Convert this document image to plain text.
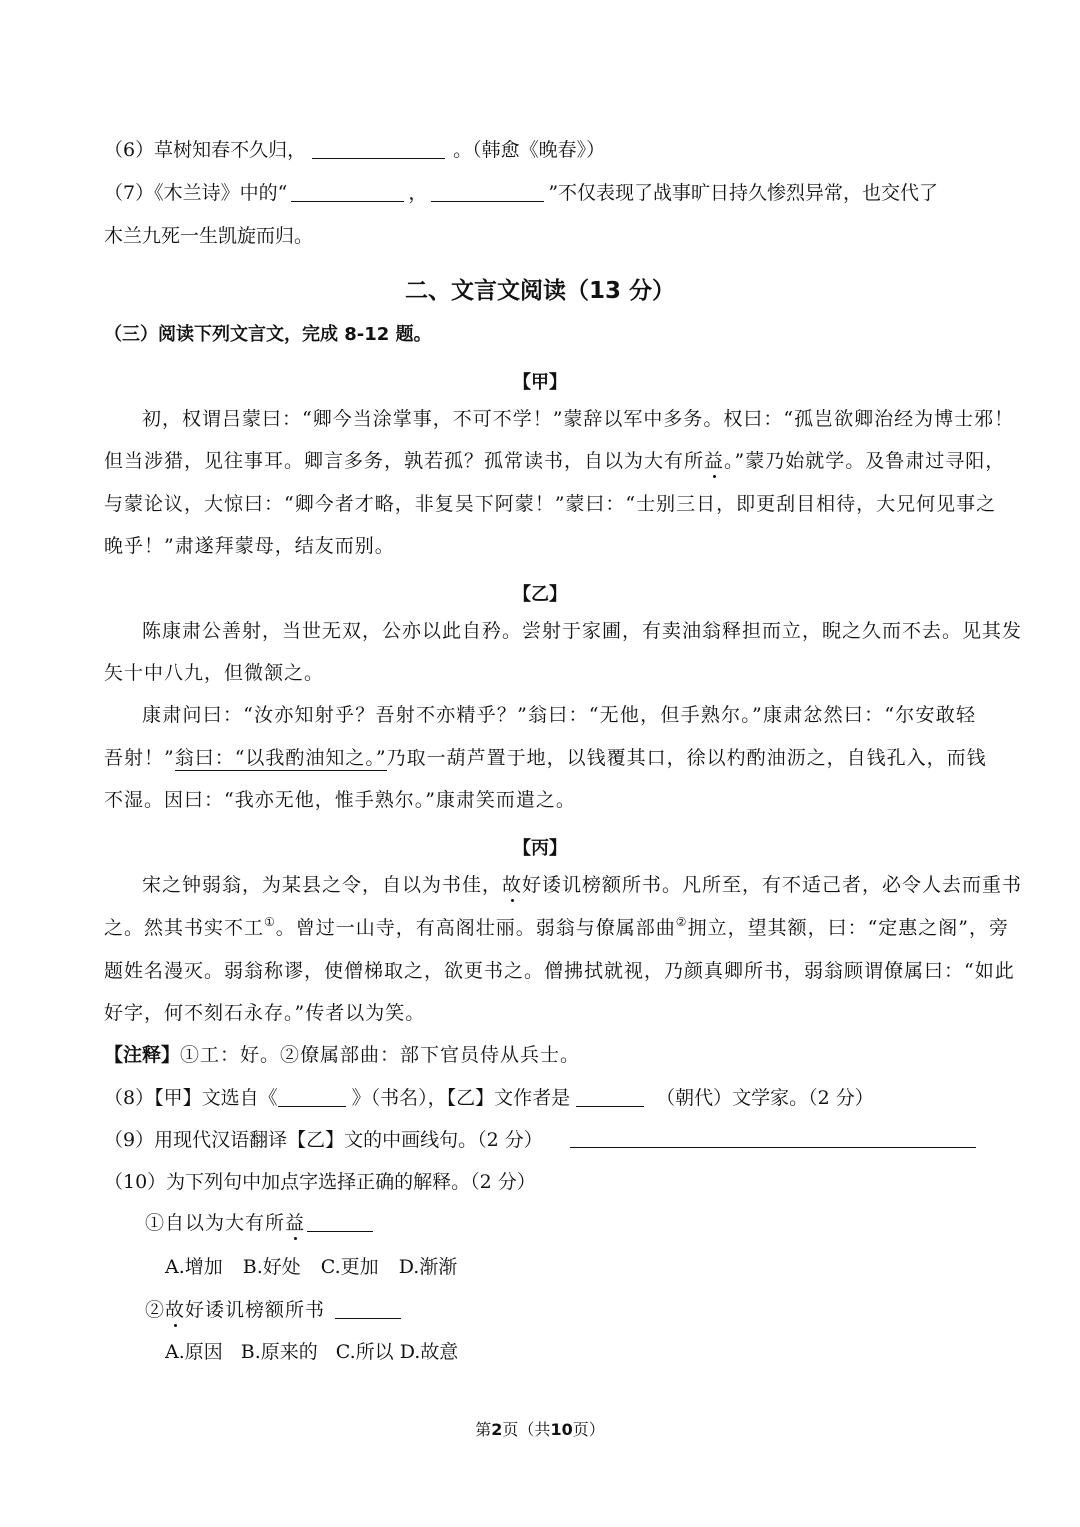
（6）草树知春不久归，	。（韩愈《晚春》）
（7）《木兰诗》中的“	，	”不仅表现了战事旷日持久惨烈异常，也交代了
木兰九死一生凯旋而归。
二、文言文阅读（13 分）
（三）阅读下列文言文，完成 8-12 题。
【甲】
初，权谓吕蒙曰：“卿今当涂掌事，不可不学！”蒙辞以军中多务。权曰：“孤岂欲卿治经为博士邪！
但当涉猎，见往事耳。卿言多务，孰若孤？孤常读书，自以为大有所益。”蒙乃始就学。及鲁肃过寻阳，
与蒙论议，大惊曰：“卿今者才略，非复吴下阿蒙！”蒙曰：“士别三日，即更刮目相待，大兄何见事之
晚乎！”肃遂拜蒙母，结友而别。
【乙】
陈康肃公善射，当世无双，公亦以此自矜。尝射于家圃，有卖油翁释担而立，睨之久而不去。见其发
矢十中八九，但微颔之。
康肃问曰：“汝亦知射乎？吾射不亦精乎？”翁曰：“无他，但手熟尔。”康肃忿然曰：“尔安敢轻
吾射！”翁曰：“以我酌油知之。”乃取一葫芦置于地，以钱覆其口，徐以杓酌油沥之，自钱孔入，而钱
不湿。因曰：“我亦无他，惟手熟尔。”康肃笑而遣之。
【丙】
宋之钟弱翁，为某县之令，自以为书佳，故好诿讥榜额所书。凡所至，有不适己者，必令人去而重书
之。然其书实不工①。曾过一山寺，有高阁壮丽。弱翁与僚属部曲②拥立，望其额，曰：“定惠之阁”，旁
题姓名漫灭。弱翁称谬，使僧梯取之，欲更书之。僧拂拭就视，乃颜真卿所书，弱翁顾谓僚属曰：“如此
好字，何不刻石永存。”传者以为笑。
【注释】①工：好。②僚属部曲：部下官员侍从兵士。
（8）【甲】文选自《	》（书名），【乙】文作者是	（朝代）文学家。（2 分）
（9）用现代汉语翻译【乙】文的中画线句。（2 分）
（10）为下列句中加点字选择正确的解释。（2 分）
①自以为大有所益
A.增加 B.好处 C.更加 D.渐渐
②故好诿讥榜额所书
A.原因 B.原来的 C.所以 D.故意
第2页（共10页）
